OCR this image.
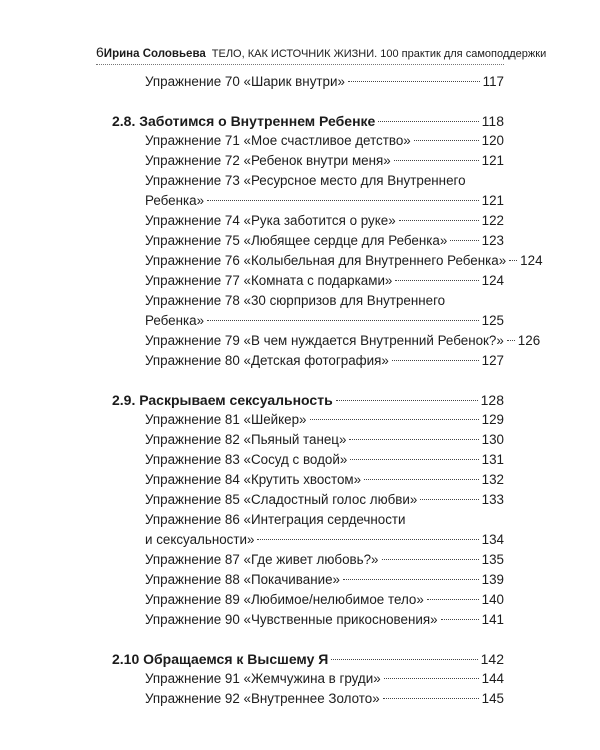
6 Ирина Соловьева ТЕЛО, КАК ИСТОЧНИК ЖИЗНИ. 100 практик для самоподдержки
Упражнение 70 «Шарик внутри»	117
2.8. Заботимся о Внутреннем Ребенке	118
Упражнение 71 «Мое счастливое детство»	120
Упражнение 72 «Ребенок внутри меня»	121
Упражнение 73 «Ресурсное место для Внутреннего
Ребенка»	121
Упражнение 74 «Рука заботится о руке»	122
Упражнение 75 «Любящее сердце для Ребенка»	123
Упражнение 76 «Колыбельная для Внутреннего Ребенка» 124
Упражнение 77 «Комната с подарками»	124
Упражнение 78 «30 сюрпризов для Внутреннего
Ребенка»	125
Упражнение 79 «В чем нуждается Внутренний Ребенок?» 126
Упражнение 80 «Детская фотография»	127
2.9. Раскрываем сексуальность	128
Упражнение 81 «Шейкер»	129
Упражнение 82 «Пьяный танец»	130
Упражнение 83 «Сосуд с водой»	131
Упражнение 84 «Крутить хвостом»	132
Упражнение 85 «Сладостный голос любви»	133
Упражнение 86 «Интеграция сердечности
и сексуальности»	134
Упражнение 87 «Где живет любовь?»	135
Упражнение 88 «Покачивание»	139
Упражнение 89 «Любимое/нелюбимое тело»	140
Упражнение 90 «Чувственные прикосновения»	141
2.10 Обращаемся к Высшему Я	142
Упражнение 91 «Жемчужина в груди»	144
Упражнение 92 «Внутреннее Золото»	145
